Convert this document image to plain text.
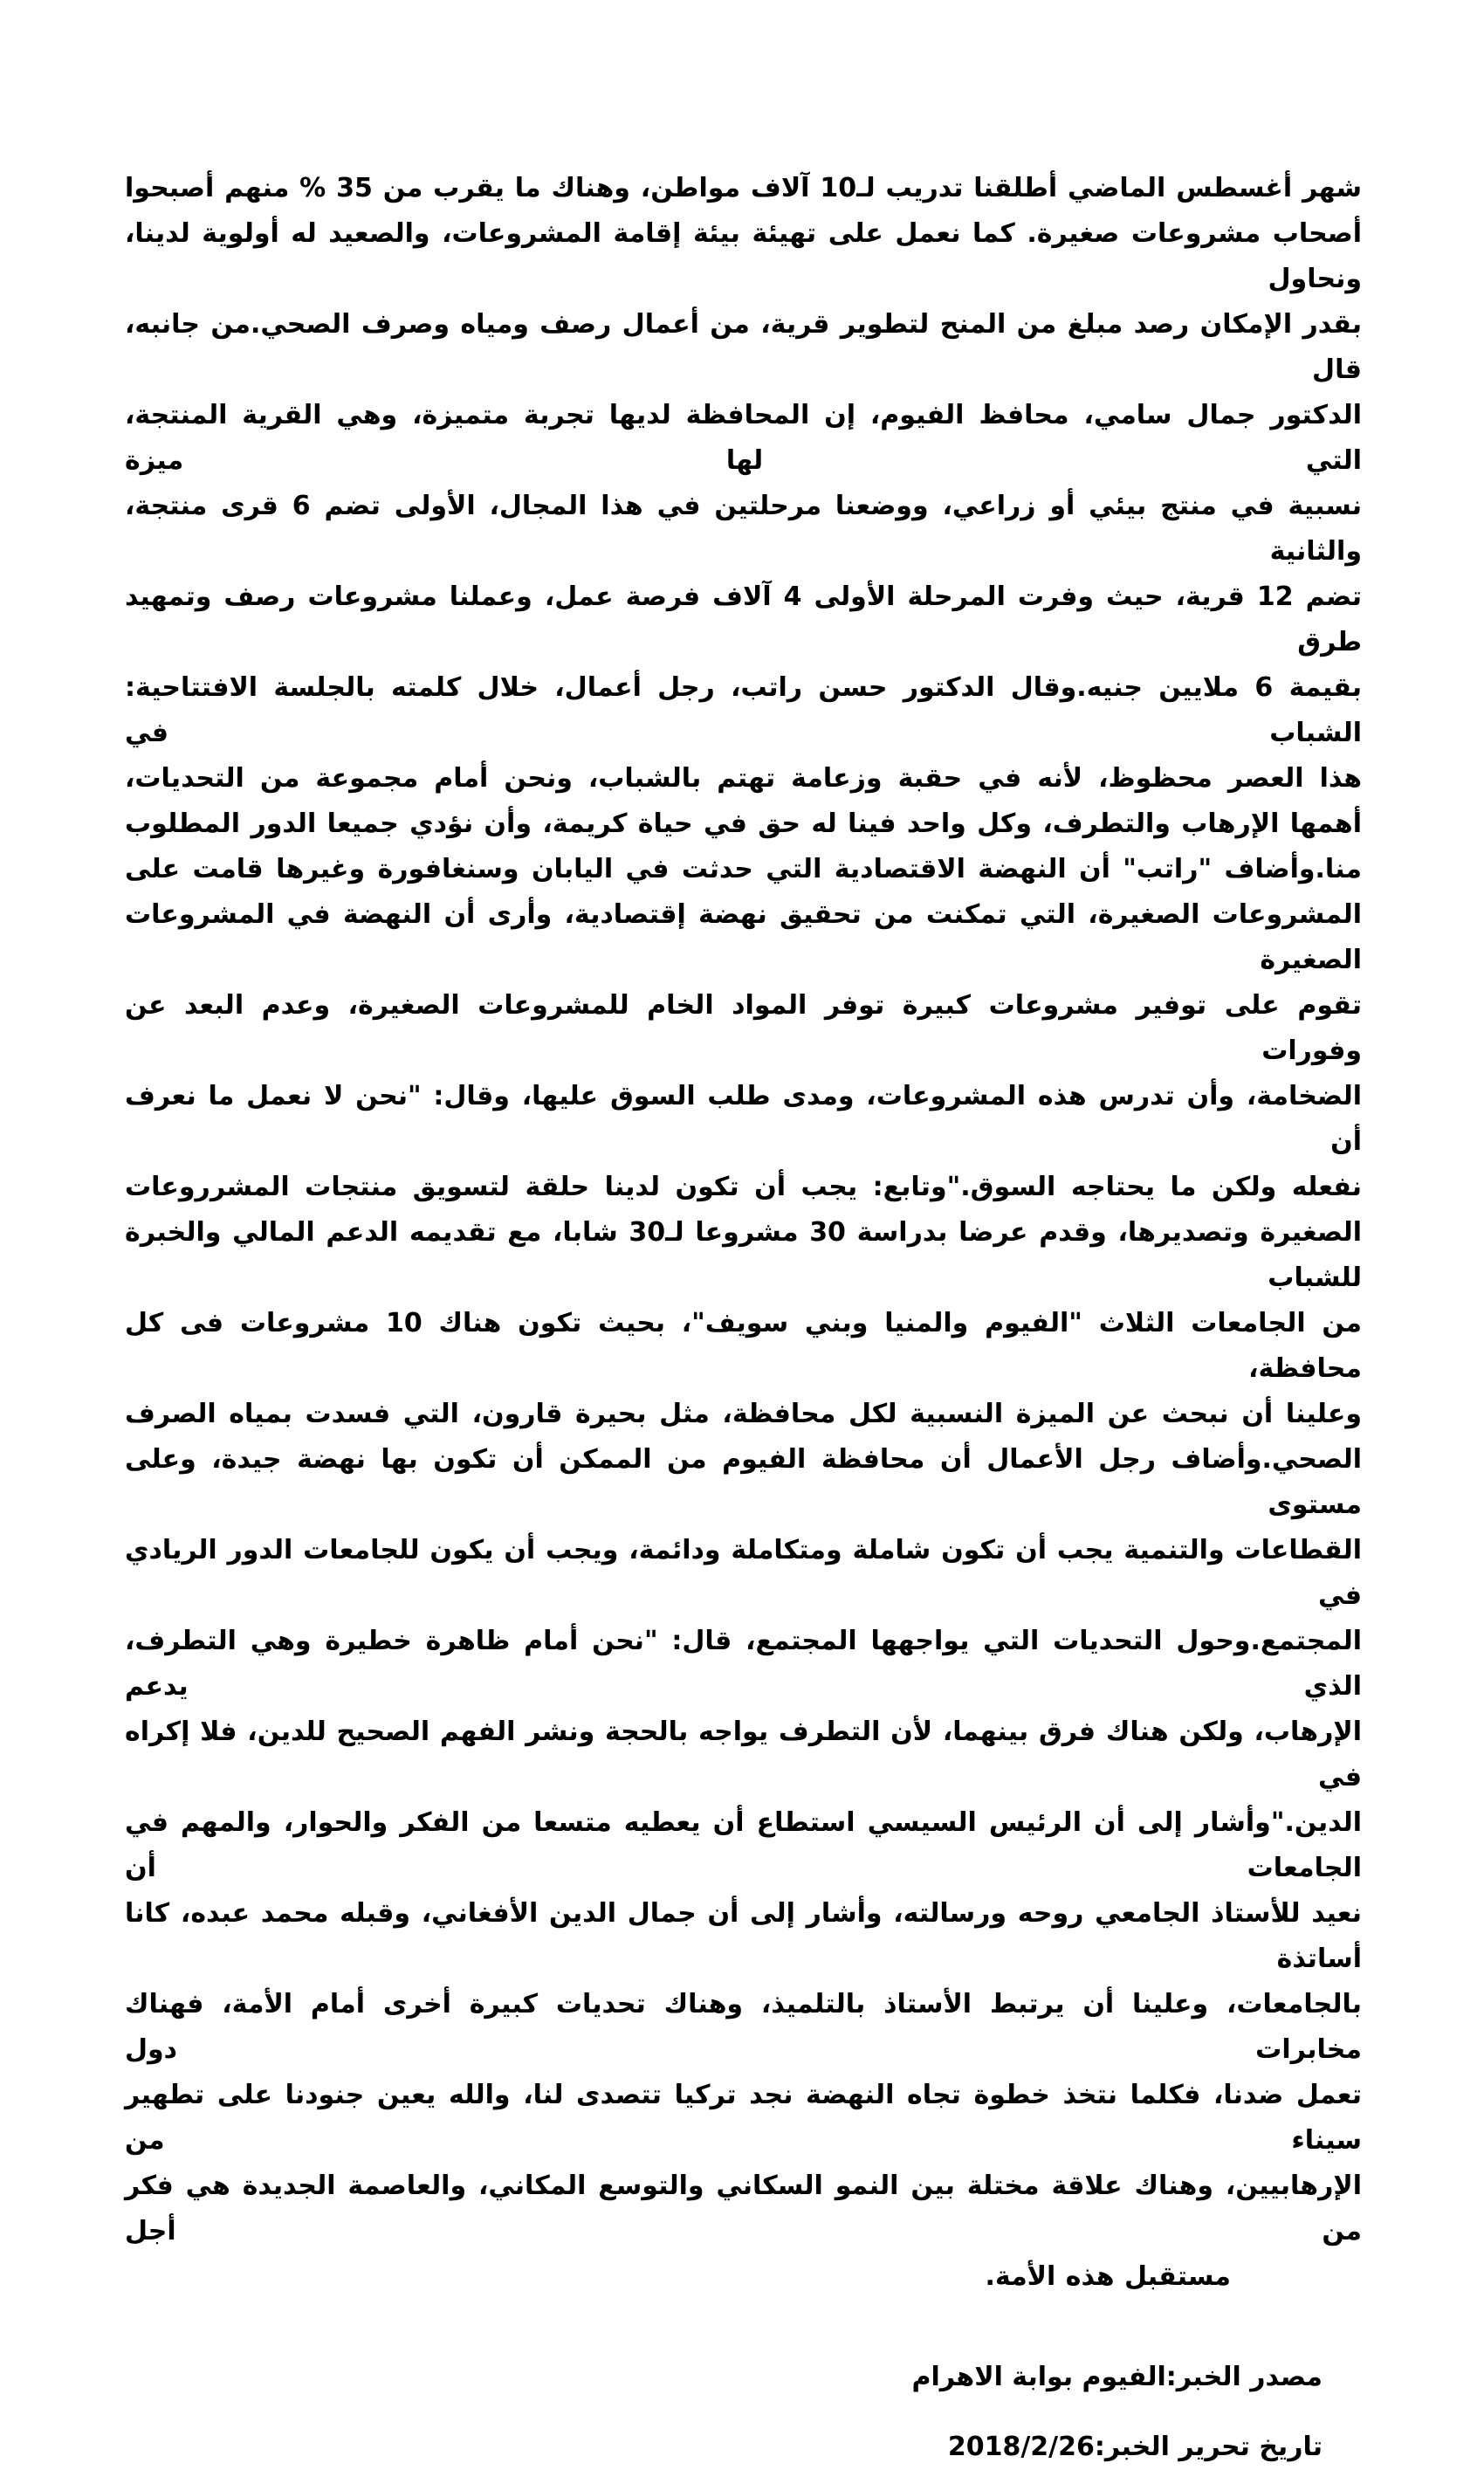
شهر أغسطس الماضي أطلقنا تدريب لـ10 آلاف مواطن، وهناك ما يقرب من 35 % منهم أصبحوا
أصحاب مشروعات صغيرة. كما نعمل على تهيئة بيئة إقامة المشروعات، والصعيد له أولوية لدينا، ونحاول
بقدر الإمكان رصد مبلغ من المنح لتطوير قرية، من أعمال رصف ومياه وصرف الصحي.من جانبه، قال
الدكتور جمال سامي، محافظ الفيوم، إن المحافظة لديها تجربة متميزة، وهي القرية المنتجة، التي لها ميزة
نسبية في منتج بيئي أو زراعي، ووضعنا مرحلتين في هذا المجال، الأولى تضم 6 قرى منتجة، والثانية
تضم 12 قرية، حيث وفرت المرحلة الأولى 4 آلاف فرصة عمل، وعملنا مشروعات رصف وتمهيد طرق
بقيمة 6 ملايين جنيه.وقال الدكتور حسن راتب، رجل أعمال، خلال كلمته بالجلسة الافتتاحية: الشباب في
هذا العصر محظوظ، لأنه في حقبة وزعامة تهتم بالشباب، ونحن أمام مجموعة من التحديات،
أهمها الإرهاب والتطرف، وكل واحد فينا له حق في حياة كريمة، وأن نؤدي جميعا الدور المطلوب
منا.وأضاف "راتب" أن النهضة الاقتصادية التي حدثت في اليابان وسنغافورة وغيرها قامت على
المشروعات الصغيرة، التي تمكنت من تحقيق نهضة إقتصادية، وأرى أن النهضة في المشروعات الصغيرة
تقوم على توفير مشروعات كبيرة توفر المواد الخام للمشروعات الصغيرة، وعدم البعد عن وفورات
الضخامة، وأن تدرس هذه المشروعات، ومدى طلب السوق عليها، وقال: "نحن لا نعمل ما نعرف أن
نفعله ولكن ما يحتاجه السوق."وتابع: يجب أن تكون لدينا حلقة لتسويق منتجات المشرروعات
الصغيرة وتصديرها، وقدم عرضا بدراسة 30 مشروعا لـ30 شابا، مع تقديمه الدعم المالي والخبرة للشباب
من الجامعات الثلاث "الفيوم والمنيا وبني سويف"، بحيث تكون هناك 10 مشروعات فى كل محافظة،
وعلينا أن نبحث عن الميزة النسبية لكل محافظة، مثل بحيرة قارون، التي فسدت بمياه الصرف
الصحي.وأضاف رجل الأعمال أن محافظة الفيوم من الممكن أن تكون بها نهضة جيدة، وعلى مستوى
القطاعات والتنمية يجب أن تكون شاملة ومتكاملة ودائمة، ويجب أن يكون للجامعات الدور الريادي في
المجتمع.وحول التحديات التي يواجهها المجتمع، قال: "نحن أمام ظاهرة خطيرة وهي التطرف، الذي يدعم
الإرهاب، ولكن هناك فرق بينهما، لأن التطرف يواجه بالحجة ونشر الفهم الصحيح للدين، فلا إكراه في
الدين."وأشار إلى أن الرئيس السيسي استطاع أن يعطيه متسعا من الفكر والحوار، والمهم في الجامعات أن
نعيد للأستاذ الجامعي روحه ورسالته، وأشار إلى أن جمال الدين الأفغاني، وقبله محمد عبده، كانا أساتذة
بالجامعات، وعلينا أن يرتبط الأستاذ بالتلميذ، وهناك تحديات كبيرة أخرى أمام الأمة، فهناك مخابرات دول
تعمل ضدنا، فكلما نتخذ خطوة تجاه النهضة نجد تركيا تتصدى لنا، والله يعين جنودنا على تطهير سيناء من
الإرهابيين، وهناك علاقة مختلة بين النمو السكاني والتوسع المكاني، والعاصمة الجديدة هي فكر من أجل
مستقبل هذه الأمة.

مصدر الخبر:الفيوم بوابة الاهرام

تاريخ تحرير الخبر:2018/2/26
